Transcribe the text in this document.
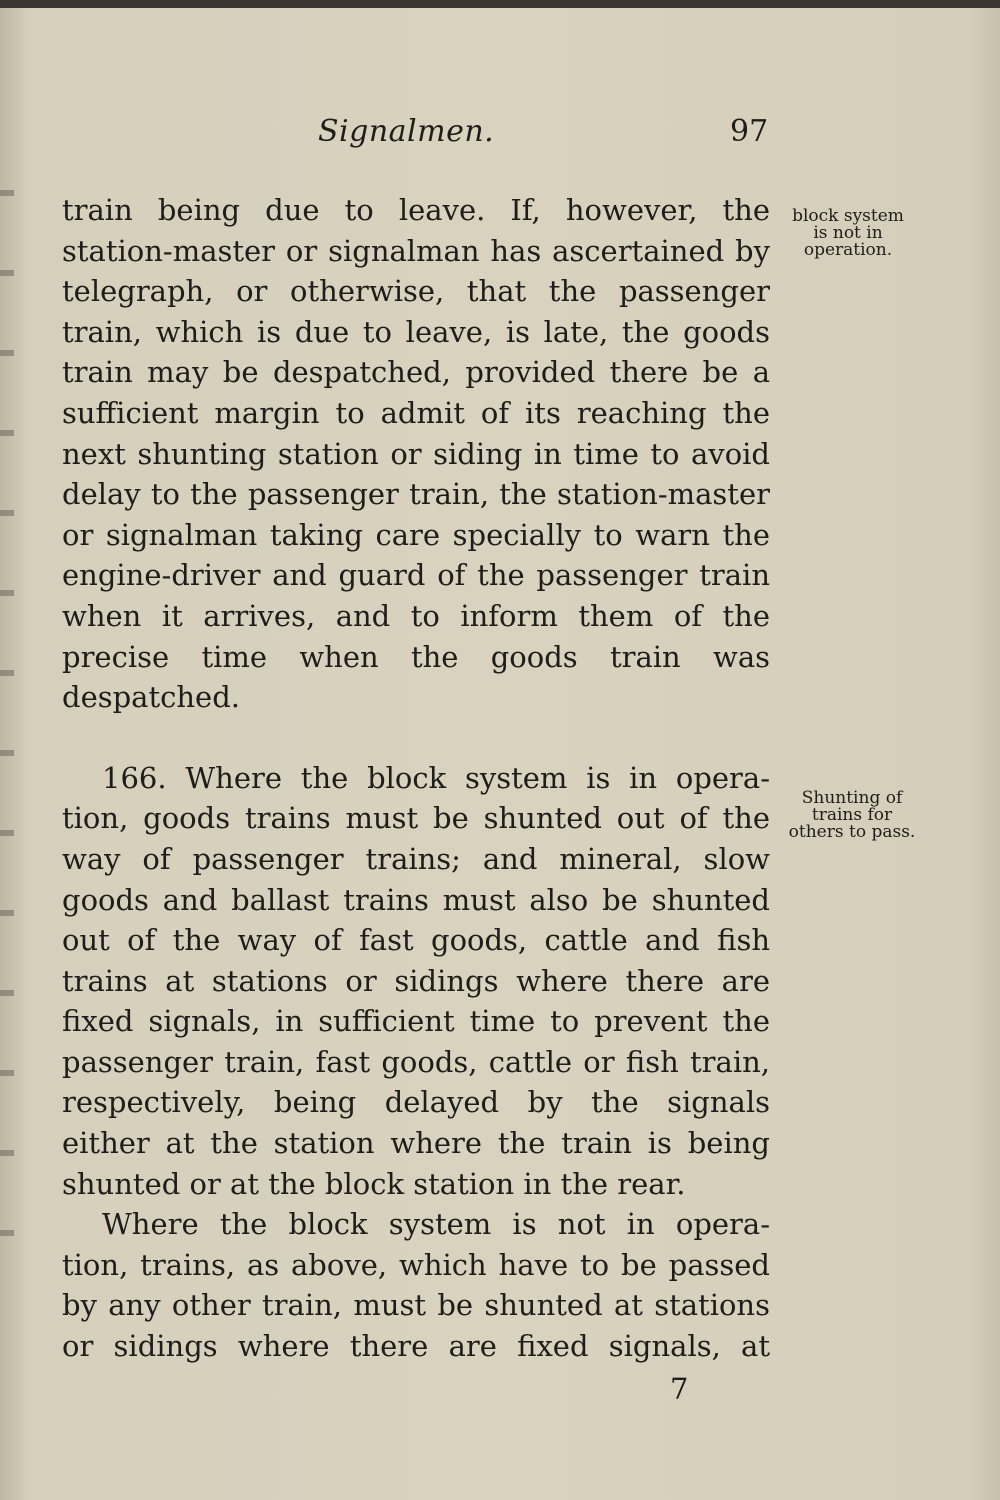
Signalmen.	97
train being due to leave. If, however, the
station-master or signalman has ascertained by
telegraph, or otherwise, that the passenger
train, which is due to leave, is late, the goods
train may be despatched, provided there be a
sufficient margin to admit of its reaching the
next shunting station or siding in time to avoid
delay to the passenger train, the station-master
or signalman taking care specially to warn the
engine-driver and guard of the passenger train
when it arrives, and to inform them of the
precise time when the goods train was
despatched.
166. Where the block system is in opera-
tion, goods trains must be shunted out of the
way of passenger trains; and mineral, slow
goods and ballast trains must also be shunted
out of the way of fast goods, cattle and fish
trains at stations or sidings where there are
fixed signals, in sufficient time to prevent the
passenger train, fast goods, cattle or fish train,
respectively, being delayed by the signals
either at the station where the train is being
shunted or at the block station in the rear.
Where the block system is not in opera-
tion, trains, as above, which have to be passed
by any other train, must be shunted at stations
or sidings where there are fixed signals, at
block system
is not in
operation.
Shunting of
trains for
others to pass.
7
